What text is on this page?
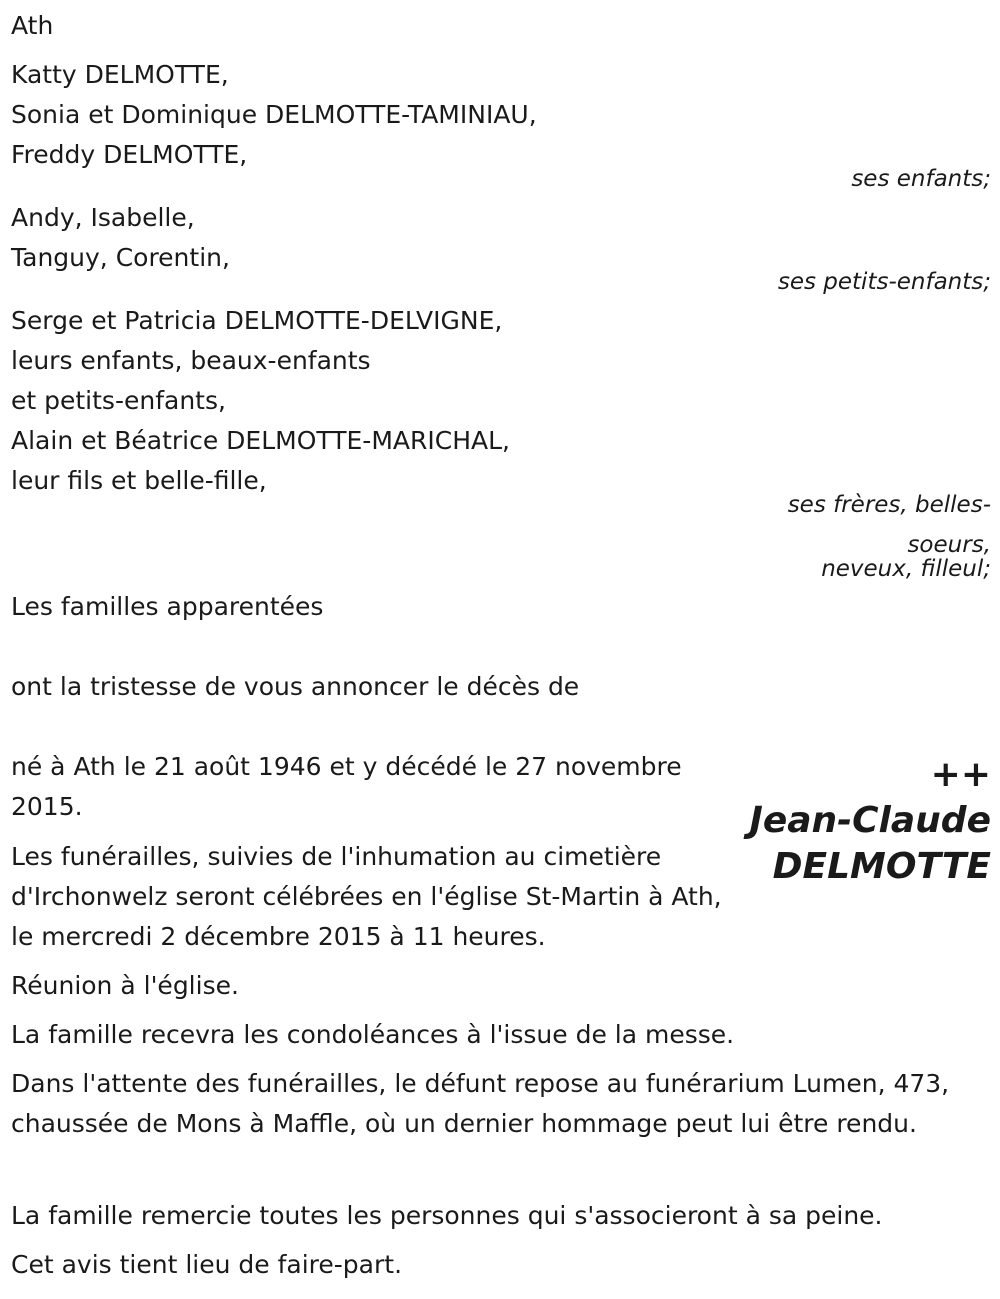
Ath
Katty DELMOTTE,
Sonia et Dominique DELMOTTE-TAMINIAU,
Freddy DELMOTTE,
ses enfants;
Andy, Isabelle,
Tanguy, Corentin,
ses petits-enfants;
Serge et Patricia DELMOTTE-DELVIGNE,
leurs enfants, beaux-enfants
et petits-enfants,
Alain et Béatrice DELMOTTE-MARICHAL,
leur fils et belle-fille,
ses frères, belles-
soeurs,
neveux, filleul;
Les familles apparentées
ont la tristesse de vous annoncer le décès de
++
Jean-Claude
DELMOTTE
né à Ath le 21 août 1946 et y décédé le 27 novembre 2015.
Les funérailles, suivies de l'inhumation au cimetière d'Irchonwelz seront célébrées en l'église St-Martin à Ath, le mercredi 2 décembre 2015 à 11 heures.
Réunion à l'église.
La famille recevra les condoléances à l'issue de la messe.
Dans l'attente des funérailles, le défunt repose au funérarium Lumen, 473, chaussée de Mons à Maffle, où un dernier hommage peut lui être rendu.
La famille remercie toutes les personnes qui s'associeront à sa peine.
Cet avis tient lieu de faire-part.
